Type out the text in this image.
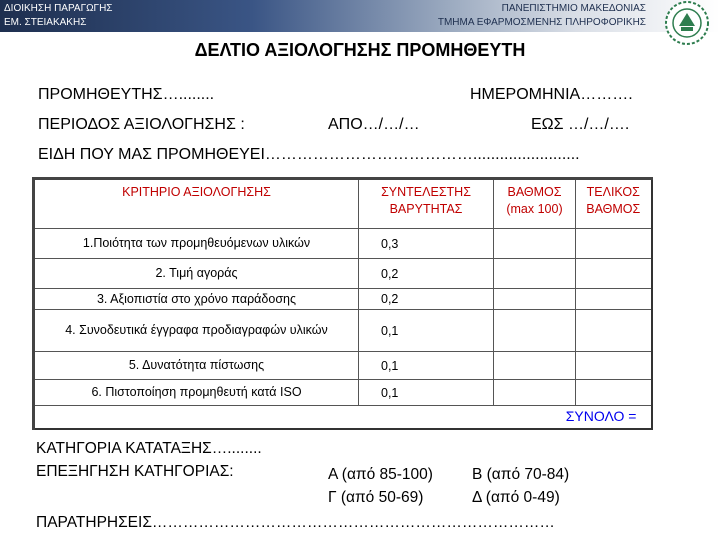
ΔΙΟΙΚΗΣΗ ΠΑΡΑΓΩΓΗΣ
ΕΜ. ΣΤΕΙΑΚΑΚΗΣ
ΠΑΝΕΠΙΣΤΗΜΙΟ ΜΑΚΕΔΟΝΙΑΣ
ΤΜΗΜΑ ΕΦΑΡΜΟΣΜΕΝΗΣ ΠΛΗΡΟΦΟΡΙΚΗΣ
ΔΕΛΤΙΟ ΑΞΙΟΛΟΓΗΣΗΣ ΠΡΟΜΗΘΕΥΤΗ
ΠΡΟΜΗΘΕΥΤΗΣ…........	ΗΜΕΡΟΜΗΝΙΑ……….
ΠΕΡΙΟΔΟΣ ΑΞΙΟΛΟΓΗΣΗΣ :	ΑΠΟ…/…/…	ΕΩΣ …/…/….
ΕΙΔΗ ΠΟΥ ΜΑΣ ΠΡΟΜΗΘΕΥΕΙ…………………………………........................
ΚΡΙΤΗΡΙΟ ΑΞΙΟΛΟΓΗΣΗΣ	ΣΥΝΤΕΛΕΣΤΗΣ ΒΑΡΥΤΗΤΑΣ	ΒΑΘΜΟΣ (max 100)	ΤΕΛΙΚΟΣ ΒΑΘΜΟΣ
1.Ποιότητα των προμηθευόμενων υλικών	0,3		
2. Τιμή αγοράς	0,2		
3. Αξιοπιστία στο χρόνο παράδοσης	0,2		
4. Συνοδευτικά έγγραφα προδιαγραφών υλικών	0,1		
5. Δυνατότητα πίστωσης	0,1		
6. Πιστοποίηση προμηθευτή κατά ISO	0,1		
ΣΥΝΟΛΟ =			
ΚΑΤΗΓΟΡΙΑ ΚΑΤΑΤΑΞΗΣ…........
ΕΠΕΞΗΓΗΣΗ ΚΑΤΗΓΟΡΙΑΣ:	Α (από 85-100)	Β (από 70-84)
Γ (από 50-69)	Δ (από 0-49)
ΠΑΡΑΤΗΡΗΣΕΙΣ……………………………………………………………………
